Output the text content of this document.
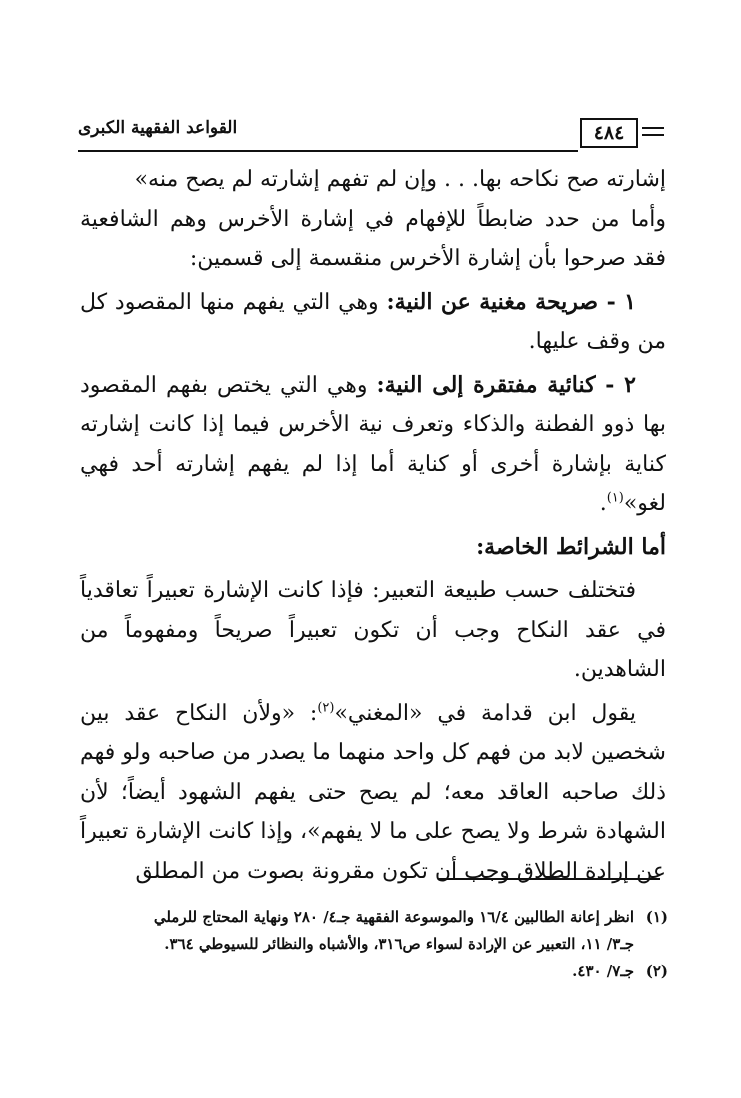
القواعد الفقهية الكبرى	٤٨٤

إشارته صح نكاحه بها. . . وإن لم تفهم إشارته لم يصح منه»

وأما من حدد ضابطاً للإفهام في إشارة الأخرس وهم الشافعية فقد صرحوا بأن إشارة الأخرس منقسمة إلى قسمين:

١ - صريحة مغنية عن النية: وهي التي يفهم منها المقصود كل من وقف عليها.

٢ - كنائية مفتقرة إلى النية: وهي التي يختص بفهم المقصود بها ذوو الفطنة والذكاء وتعرف نية الأخرس فيما إذا كانت إشارته كناية بإشارة أخرى أو كناية أما إذا لم يفهم إشارته أحد فهي لغو»$^{(١)}$.

أما الشرائط الخاصة:

فتختلف حسب طبيعة التعبير: فإذا كانت الإشارة تعبيراً تعاقدياً في عقد النكاح وجب أن تكون تعبيراً صريحاً ومفهوماً من الشاهدين.

يقول ابن قدامة في «المغني»$^{(٢)}$: «ولأن النكاح عقد بين شخصين لابد من فهم كل واحد منهما ما يصدر من صاحبه ولو فهم ذلك صاحبه العاقد معه؛ لم يصح حتى يفهم الشهود أيضاً؛ لأن الشهادة شرط ولا يصح على ما لا يفهم»، وإذا كانت الإشارة تعبيراً عن إرادة الطلاق وجب أن تكون مقرونة بصوت من المطلق

(١)انظر إعانة الطالبين ١٦/٤ والموسوعة الفقهية جـ٤/ ٢٨٠ ونهاية المحتاج للرملي

جـ٣/ ١١، التعبير عن الإرادة لسواء ص٣١٦، والأشباه والنظائر للسيوطي ٣٦٤.

(٢)جـ٧/ ٤٣٠.
